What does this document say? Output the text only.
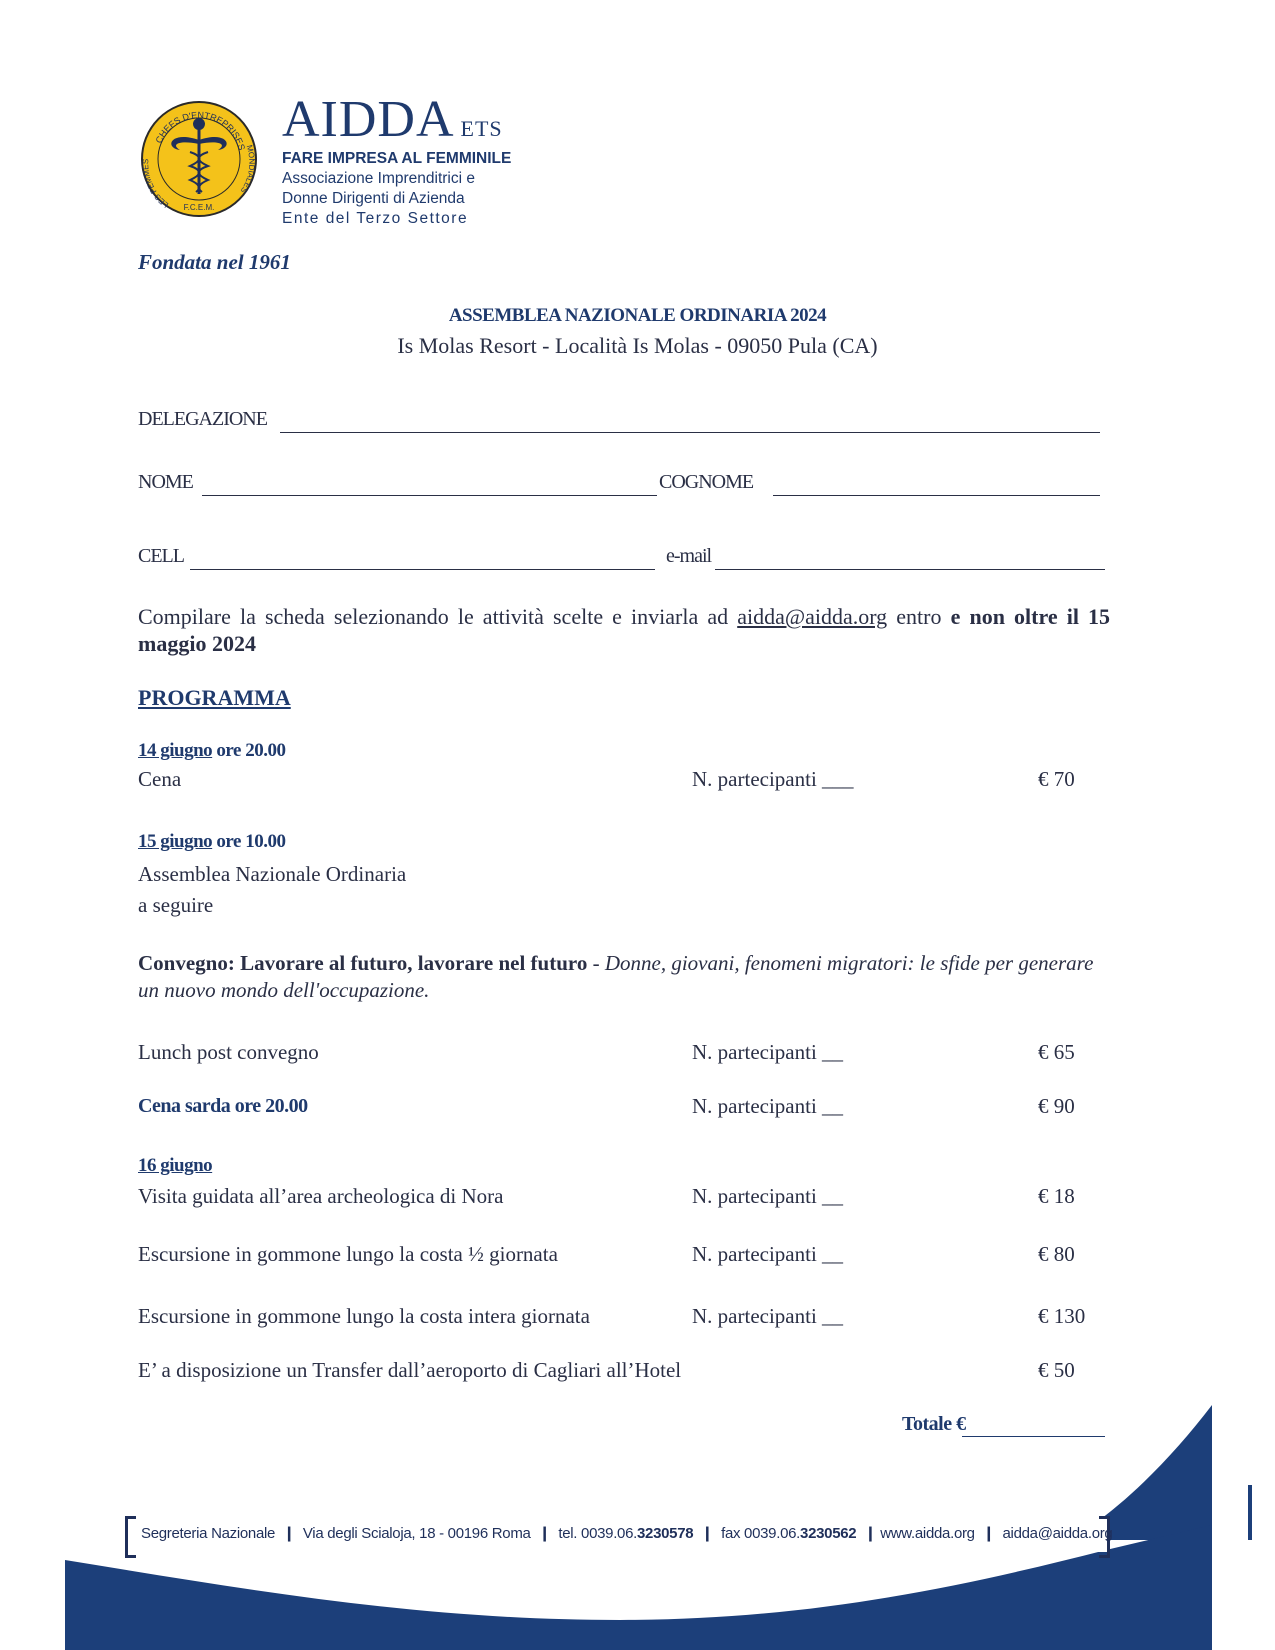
CHEFS D'ENTREPRISES
LES FEMMES
MONDIALES
F.C.E.M.
AIDDA ETS
FARE IMPRESA AL FEMMINILE
Associazione Imprenditrici e
Donne Dirigenti di Azienda
Ente del Terzo Settore
Fondata nel 1961
ASSEMBLEA NAZIONALE ORDINARIA 2024
Is Molas Resort - Località Is Molas - 09050 Pula (CA)
DELEGAZIONE
NOME	COGNOME
CELL	e-mail
Compilare la scheda selezionando le attività scelte e inviarla ad aidda@aidda.org entro e non oltre il 15 maggio 2024
PROGRAMMA
14 giugno ore 20.00
Cena	N. partecipanti ___	€ 70
15 giugno ore 10.00
Assemblea Nazionale Ordinaria
a seguire
Convegno: Lavorare al futuro, lavorare nel futuro - Donne, giovani, fenomeni migratori: le sfide per generare un nuovo mondo dell'occupazione.
Lunch post convegno	N. partecipanti __	€ 65
Cena sarda ore 20.00	N. partecipanti __	€ 90
16 giugno
Visita guidata all’area archeologica di Nora	N. partecipanti __	€ 18
Escursione in gommone lungo la costa ½ giornata	N. partecipanti __	€ 80
Escursione in gommone lungo la costa intera giornata	N. partecipanti __	€ 130
E’ a disposizione un Transfer dall’aeroporto di Cagliari all’Hotel	€ 50
Totale €
Segreteria Nazionale  ❙  Via degli Scialoja, 18 - 00196 Roma  ❙  tel. 0039.06.3230578  ❙  fax 0039.06.3230562  ❙ www.aidda.org  ❙  aidda@aidda.org
